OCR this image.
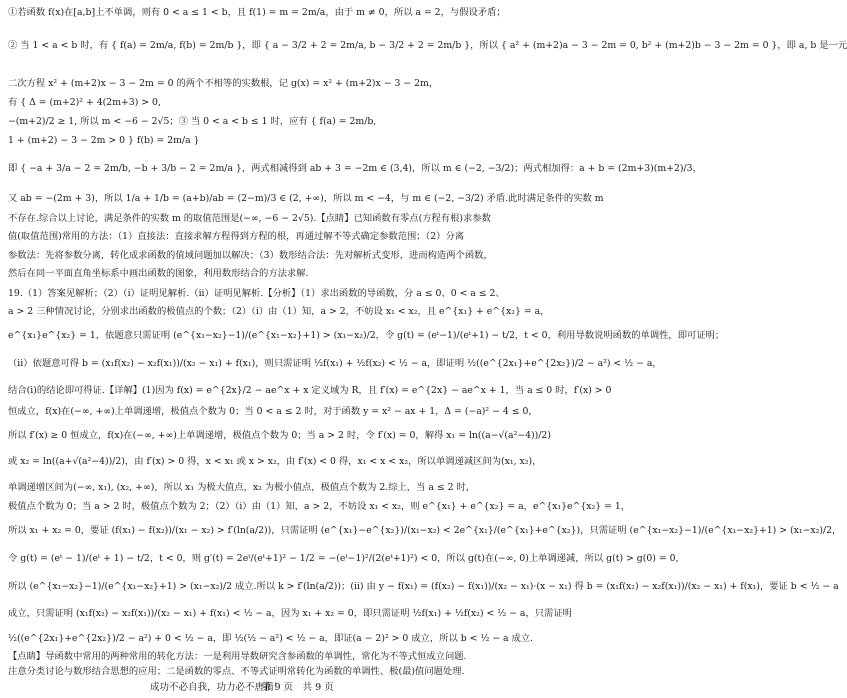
①若函数 f(x)在[a,b]上不单调，则有 0 < a ≤ 1 < b，且 f(1) = m = 2m/a，由于 m ≠ 0，所以 a = 2，与假设矛盾；
② 当 1 < a < b 时，有 { f(a) = 2m/a, f(b) = 2m/b }，即 { a − 3/2 + 2 = 2m/a, b − 3/2 + 2 = 2m/b }，所以 { a² + (m+2)a − 3 − 2m = 0, b² + (m+2)b − 3 − 2m = 0 }，即 a, b 是一元
二次方程 x² + (m+2)x − 3 − 2m = 0 的两个不相等的实数根，记 g(x) = x² + (m+2)x − 3 − 2m，
有 { Δ = (m+2)² + 4(2m+3) > 0,
−(m+2)/2 ≥ 1, 所以 m < −6 − 2√5；③ 当 0 < a < b ≤ 1 时，应有 { f(a) = 2m/b,
1 + (m+2) − 3 − 2m > 0 } f(b) = 2m/a }
即 { −a + 3/a − 2 = 2m/b, −b + 3/b − 2 = 2m/a }，两式相减得到 ab + 3 = −2m ∈ (3,4)，所以 m ∈ (−2, −3/2)；两式相加得：a + b = (2m+3)(m+2)/3，
又 ab = −(2m + 3)，所以 1/a + 1/b = (a+b)/ab = (2−m)/3 ∈ (2, +∞)，所以 m < −4，与 m ∈ (−2, −3/2) 矛盾.此时满足条件的实数 m
不存在.综合以上讨论，满足条件的实数 m 的取值范围是(−∞, −6 − 2√5).【点睛】已知函数有零点(方程有根)求参数
值(取值范围)常用的方法：（1）直接法：直接求解方程得到方程的根，再通过解不等式确定参数范围；（2）分离
参数法：先将参数分离，转化成求函数的值域问题加以解决；（3）数形结合法：先对解析式变形，进而构造两个函数，
然后在同一平面直角坐标系中画出函数的图象，利用数形结合的方法求解.
19.（1）答案见解析；（2）（i）证明见解析.（ii）证明见解析.【分析】（1）求出函数的导函数，分 a ≤ 0、0 < a ≤ 2、
a > 2 三种情况讨论，分别求出函数的极值点的个数；（2）（i）由（1）知，a > 2，不妨设 x₁ < x₂，且 e^{x₁} + e^{x₂} = a，
e^{x₁}e^{x₂} = 1，依题意只需证明 (e^{x₁−x₂}−1)/(e^{x₁−x₂}+1) > (x₁−x₂)/2，令 g(t) = (eᵗ−1)/(eᵗ+1) − t/2，t < 0，利用导数说明函数的单调性，即可证明；
（ii）依题意可得 b = (x₁f(x₂) − x₂f(x₁))/(x₂ − x₁) + f(x₁)，则只需证明 ½f(x₁) + ½f(x₂) < ½ − a，即证明 ½((e^{2x₁}+e^{2x₂})/2 − a²) < ½ − a，
结合(i)的结论即可得证.【详解】(1)因为 f(x) = e^{2x}/2 − ae^x + x 定义域为 R，且 f′(x) = e^{2x} − ae^x + 1，当 a ≤ 0 时，f′(x) > 0
恒成立，f(x)在(−∞, +∞)上单调递增，极值点个数为 0；当 0 < a ≤ 2 时，对于函数 y = x² − ax + 1，Δ = (−a)² − 4 ≤ 0，
所以 f′(x) ≥ 0 恒成立，f(x)在(−∞, +∞)上单调递增，极值点个数为 0；当 a > 2 时，令 f′(x) = 0，解得 x₁ = ln((a−√(a²−4))/2)
或 x₂ = ln((a+√(a²−4))/2)，由 f′(x) > 0 得，x < x₁ 或 x > x₂，由 f′(x) < 0 得，x₁ < x < x₂，所以单调递减区间为(x₁, x₂)，
单调递增区间为(−∞, x₁), (x₂, +∞)，所以 x₁ 为极大值点，x₂ 为极小值点，极值点个数为 2.综上，当 a ≤ 2 时，
极值点个数为 0；当 a > 2 时，极值点个数为 2；（2）（i）由（1）知，a > 2，不妨设 x₁ < x₂，则 e^{x₁} + e^{x₂} = a，e^{x₁}e^{x₂} = 1，
所以 x₁ + x₂ = 0，要证 (f(x₁) − f(x₂))/(x₁ − x₂) > f′(ln(a/2))，只需证明 (e^{x₁}−e^{x₂})/(x₁−x₂) < 2e^{x₁}/(e^{x₁}+e^{x₂})，只需证明 (e^{x₁−x₂}−1)/(e^{x₁−x₂}+1) > (x₁−x₂)/2，
令 g(t) = (eᵗ − 1)/(eᵗ + 1) − t/2，t < 0，则 g′(t) = 2eᵗ/(eᵗ+1)² − 1/2 = −(eᵗ−1)²/(2(eᵗ+1)²) < 0，所以 g(t)在(−∞, 0)上单调递减，所以 g(t) > g(0) = 0，
所以 (e^{x₁−x₂}−1)/(e^{x₁−x₂}+1) > (x₁−x₂)/2 成立.所以 k > f′(ln(a/2))；(ii) 由 y − f(x₁) = (f(x₂) − f(x₁))/(x₂ − x₁)·(x − x₁) 得 b = (x₁f(x₂) − x₂f(x₁))/(x₂ − x₁) + f(x₁)，要证 b < ½ − a
成立，只需证明 (x₁f(x₂) − x₂f(x₁))/(x₂ − x₁) + f(x₁) < ½ − a，因为 x₁ + x₂ = 0，即只需证明 ½f(x₁) + ½f(x₂) < ½ − a，只需证明
½((e^{2x₁}+e^{2x₂})/2 − a²) + 0 < ½ − a，即 ½(½ − a²) < ½ − a，即证(a − 2)² > 0 成立，所以 b < ½ − a 成立.
【点睛】导函数中常用的两种常用的转化方法：一是利用导数研究含参函数的单调性，常化为不等式恒成立问题.
注意分类讨论与数形结合思想的应用；二是函数的零点、不等式证明常转化为函数的单调性、极(最)值问题处理.
成功不必自我，功力必不唐捐！
第 9 页　共 9 页
